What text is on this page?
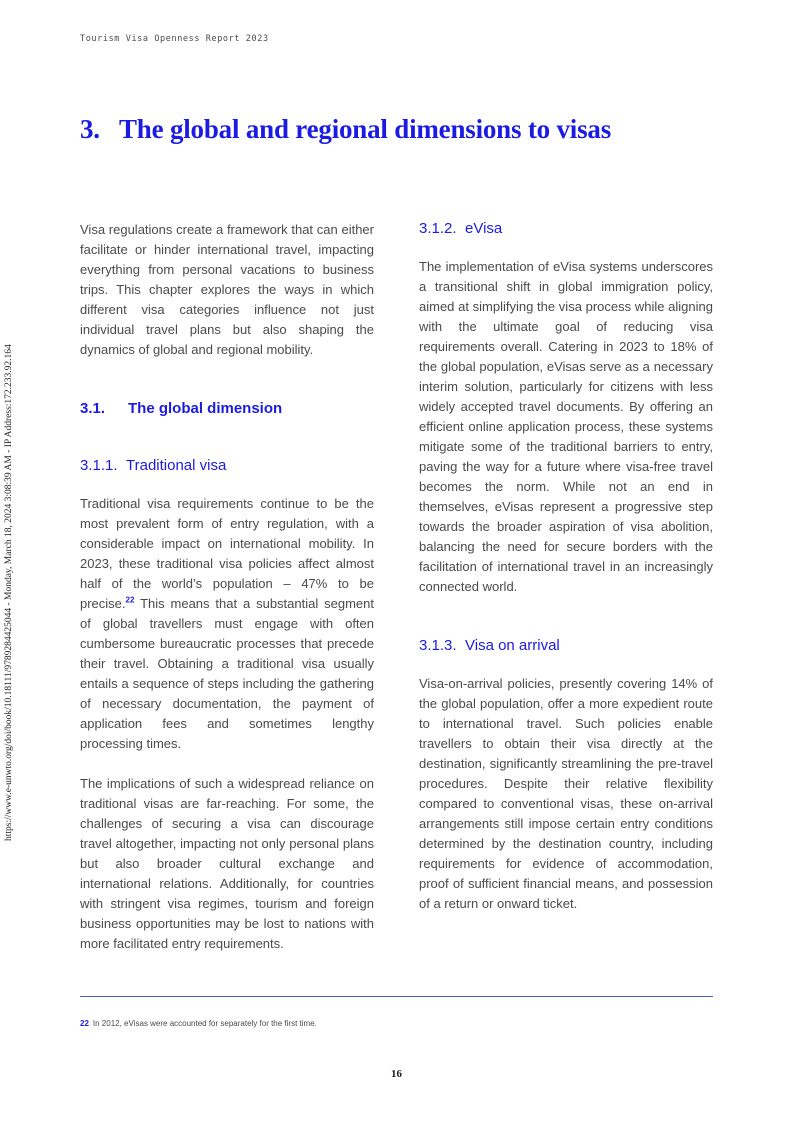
Tourism Visa Openness Report 2023
https://www.e-unwto.org/doi/book/10.18111/9789284425044 - Monday, March 18, 2024 3:08:39 AM - IP Address:172.233.92.164
3. The global and regional dimensions to visas

Visa regulations create a framework that can either facilitate or hinder international travel, impacting everything from personal vacations to business trips. This chapter explores the ways in which different visa categories influence not just individual travel plans but also shaping the dynamics of global and regional mobility.

3.1. The global dimension
3.1.1. Traditional visa

Traditional visa requirements continue to be the most prevalent form of entry regulation, with a considerable impact on international mobility. In 2023, these traditional visa policies affect almost half of the world’s population – 47% to be precise.$^{22}$ This means that a substantial segment of global travellers must engage with often cumbersome bureaucratic processes that precede their travel. Obtaining a traditional visa usually entails a sequence of steps including the gathering of necessary documentation, the payment of application fees and sometimes lengthy processing times.

The implications of such a widespread reliance on traditional visas are far-reaching. For some, the challenges of securing a visa can discourage travel altogether, impacting not only personal plans but also broader cultural exchange and international relations. Additionally, for countries with stringent visa regimes, tourism and foreign business opportunities may be lost to nations with more facilitated entry requirements.

3.1.2. eVisa

The implementation of eVisa systems underscores a transitional shift in global immigration policy, aimed at simplifying the visa process while aligning with the ultimate goal of reducing visa requirements overall. Catering in 2023 to 18% of the global population, eVisas serve as a necessary interim solution, particularly for citizens with less widely accepted travel documents. By offering an efficient online application process, these systems mitigate some of the traditional barriers to entry, paving the way for a future where visa-free travel becomes the norm. While not an end in themselves, eVisas represent a progressive step towards the broader aspiration of visa abolition, balancing the need for secure borders with the facilitation of international travel in an increasingly connected world.

3.1.3. Visa on arrival

Visa-on-arrival policies, presently covering 14% of the global population, offer a more expedient route to international travel. Such policies enable travellers to obtain their visa directly at the destination, significantly streamlining the pre-travel procedures. Despite their relative flexibility compared to conventional visas, these on-arrival arrangements still impose certain entry conditions determined by the destination country, including requirements for evidence of accommodation, proof of sufficient financial means, and possession of a return or onward ticket.

22 In 2012, eVisas were accounted for separately for the first time.
16
